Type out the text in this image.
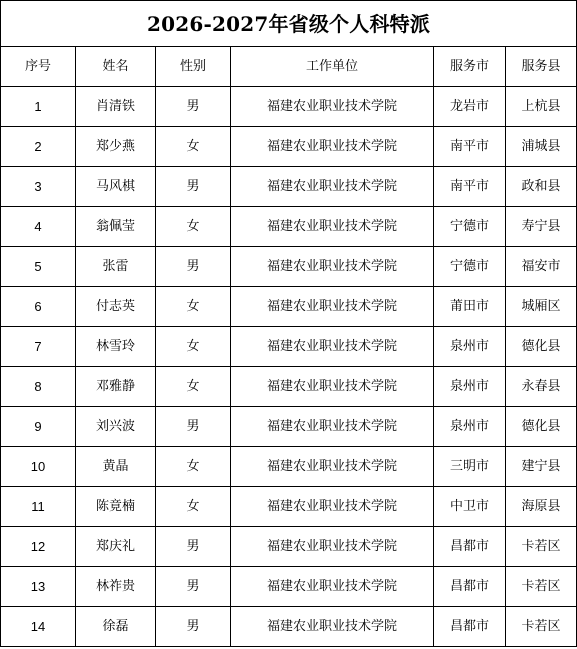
2026-2027年省级个人科特派					
序号	姓名	性别	工作单位	服务市	服务县
1	肖清铁	男	福建农业职业技术学院	龙岩市	上杭县
2	郑少燕	女	福建农业职业技术学院	南平市	浦城县
3	马风棋	男	福建农业职业技术学院	南平市	政和县
4	翁佩莹	女	福建农业职业技术学院	宁德市	寿宁县
5	张雷	男	福建农业职业技术学院	宁德市	福安市
6	付志英	女	福建农业职业技术学院	莆田市	城厢区
7	林雪玲	女	福建农业职业技术学院	泉州市	德化县
8	邓雅静	女	福建农业职业技术学院	泉州市	永春县
9	刘兴波	男	福建农业职业技术学院	泉州市	德化县
10	黄晶	女	福建农业职业技术学院	三明市	建宁县
11	陈竟楠	女	福建农业职业技术学院	中卫市	海原县
12	郑庆礼	男	福建农业职业技术学院	昌都市	卡若区
13	林祚贵	男	福建农业职业技术学院	昌都市	卡若区
14	徐磊	男	福建农业职业技术学院	昌都市	卡若区
